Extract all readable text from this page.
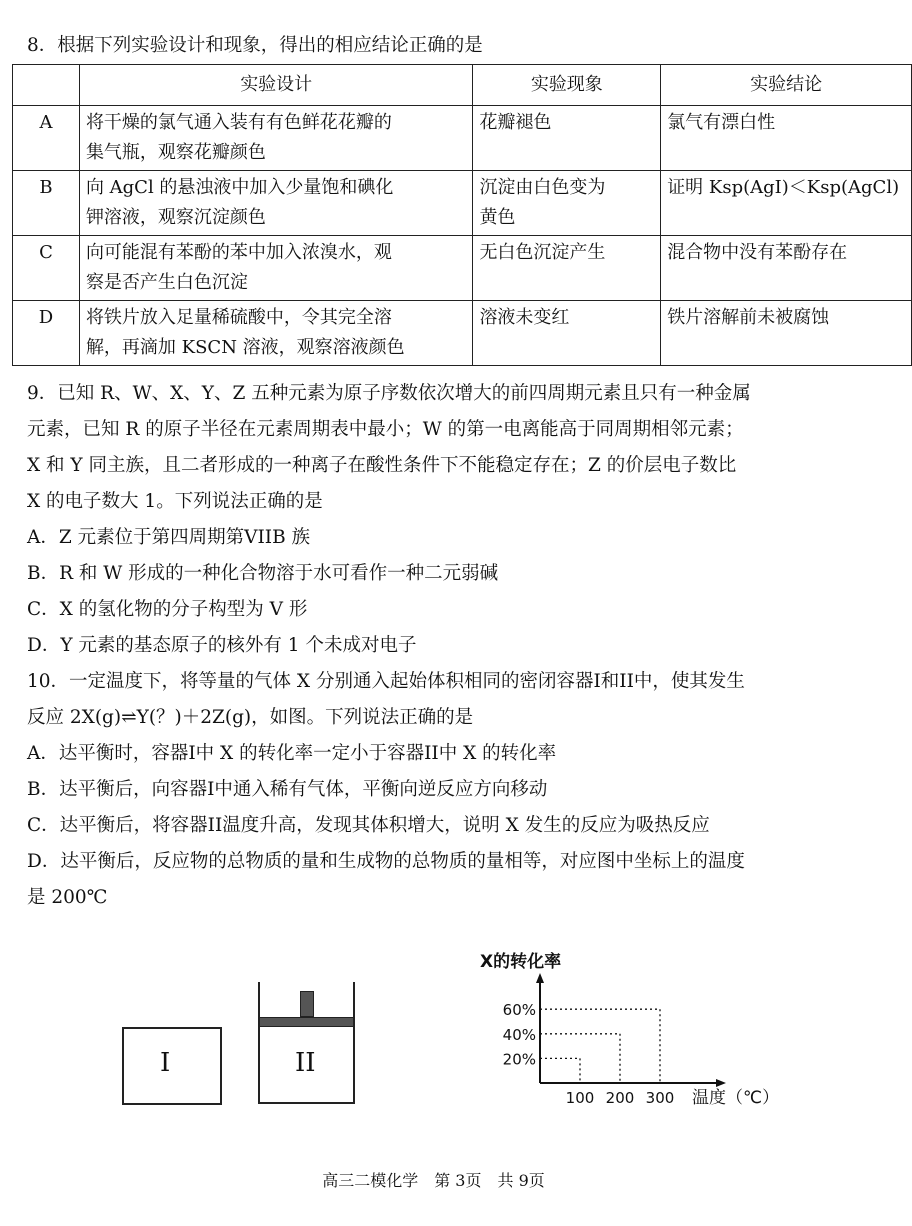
8．根据下列实验设计和现象，得出的相应结论正确的是
	实验设计	实验现象	实验结论
A	将干燥的氯气通入装有有色鲜花花瓣的
集气瓶，观察花瓣颜色	花瓣褪色	氯气有漂白性
B	向 AgCl 的悬浊液中加入少量饱和碘化
钾溶液，观察沉淀颜色	沉淀由白色变为
黄色	证明 Ksp(AgI)＜Ksp(AgCl)
C	向可能混有苯酚的苯中加入浓溴水，观
察是否产生白色沉淀	无白色沉淀产生	混合物中没有苯酚存在
D	将铁片放入足量稀硫酸中，令其完全溶
解，再滴加 KSCN 溶液，观察溶液颜色	溶液未变红	铁片溶解前未被腐蚀
9．已知 R、W、X、Y、Z 五种元素为原子序数依次增大的前四周期元素且只有一种金属
元素，已知 R 的原子半径在元素周期表中最小；W 的第一电离能高于同周期相邻元素；
X 和 Y 同主族，且二者形成的一种离子在酸性条件下不能稳定存在；Z 的价层电子数比
X 的电子数大 1。下列说法正确的是
A．Z 元素位于第四周期第VIIB 族
B．R 和 W 形成的一种化合物溶于水可看作一种二元弱碱
C．X 的氢化物的分子构型为 V 形
D．Y 元素的基态原子的核外有 1 个未成对电子
10．一定温度下，将等量的气体 X 分别通入起始体积相同的密闭容器I和II中，使其发生
反应 2X(g)⇌Y(？)＋2Z(g)，如图。下列说法正确的是
A．达平衡时，容器I中 X 的转化率一定小于容器II中 X 的转化率
B．达平衡后，向容器I中通入稀有气体，平衡向逆反应方向移动
C．达平衡后，将容器II温度升高，发现其体积增大，说明 X 发生的反应为吸热反应
D．达平衡后，反应物的总物质的量和生成物的总物质的量相等，对应图中坐标上的温度
是 200℃
I	II
X的转化率
温度（℃）
20%
100
40%
200
60%
300
高三二模化学　第 3页　共 9页
